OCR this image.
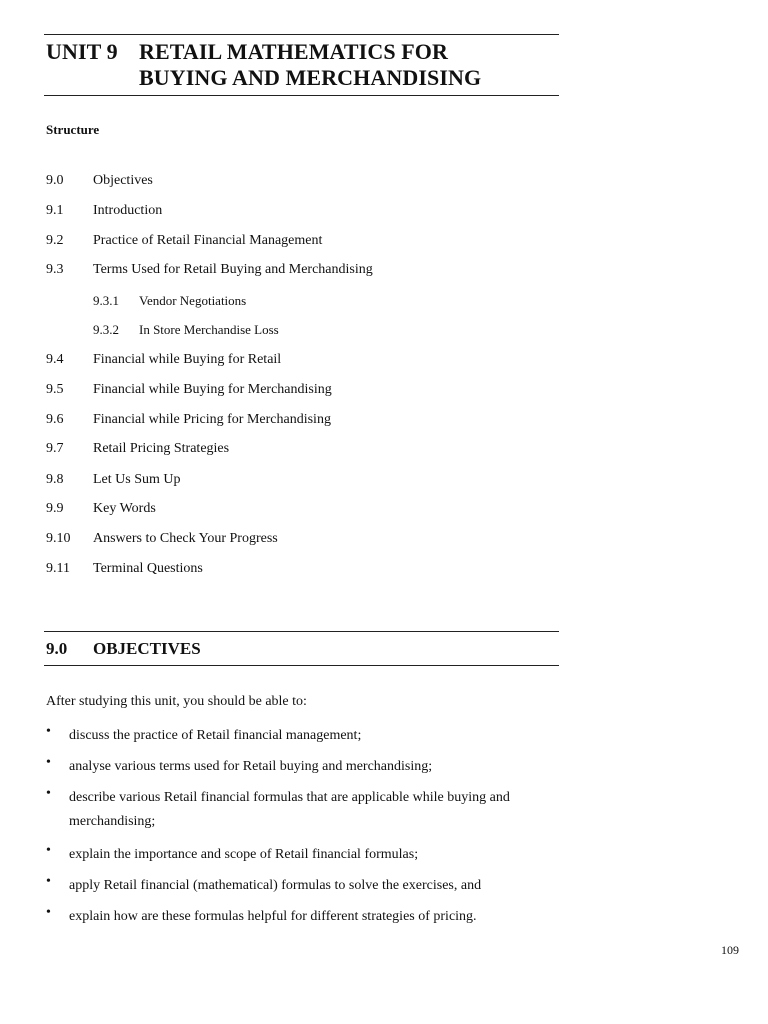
UNIT 9 RETAIL MATHEMATICS FOR
BUYING AND MERCHANDISING
Structure
9.0 Objectives
9.1 Introduction
9.2 Practice of Retail Financial Management
9.3 Terms Used for Retail Buying and Merchandising
9.3.1 Vendor Negotiations
9.3.2 In Store Merchandise Loss
9.4 Financial while Buying for Retail
9.5 Financial while Buying for Merchandising
9.6 Financial while Pricing for Merchandising
9.7 Retail Pricing Strategies
9.8 Let Us Sum Up
9.9 Key Words
9.10 Answers to Check Your Progress
9.11 Terminal Questions
9.0 OBJECTIVES
After studying this unit, you should be able to:
• discuss the practice of Retail financial management;
• analyse various terms used for Retail buying and merchandising;
• describe various Retail financial formulas that are applicable while buying and merchandising;
• explain the importance and scope of Retail financial formulas;
• apply Retail financial (mathematical) formulas to solve the exercises, and
• explain how are these formulas helpful for different strategies of pricing.
109
